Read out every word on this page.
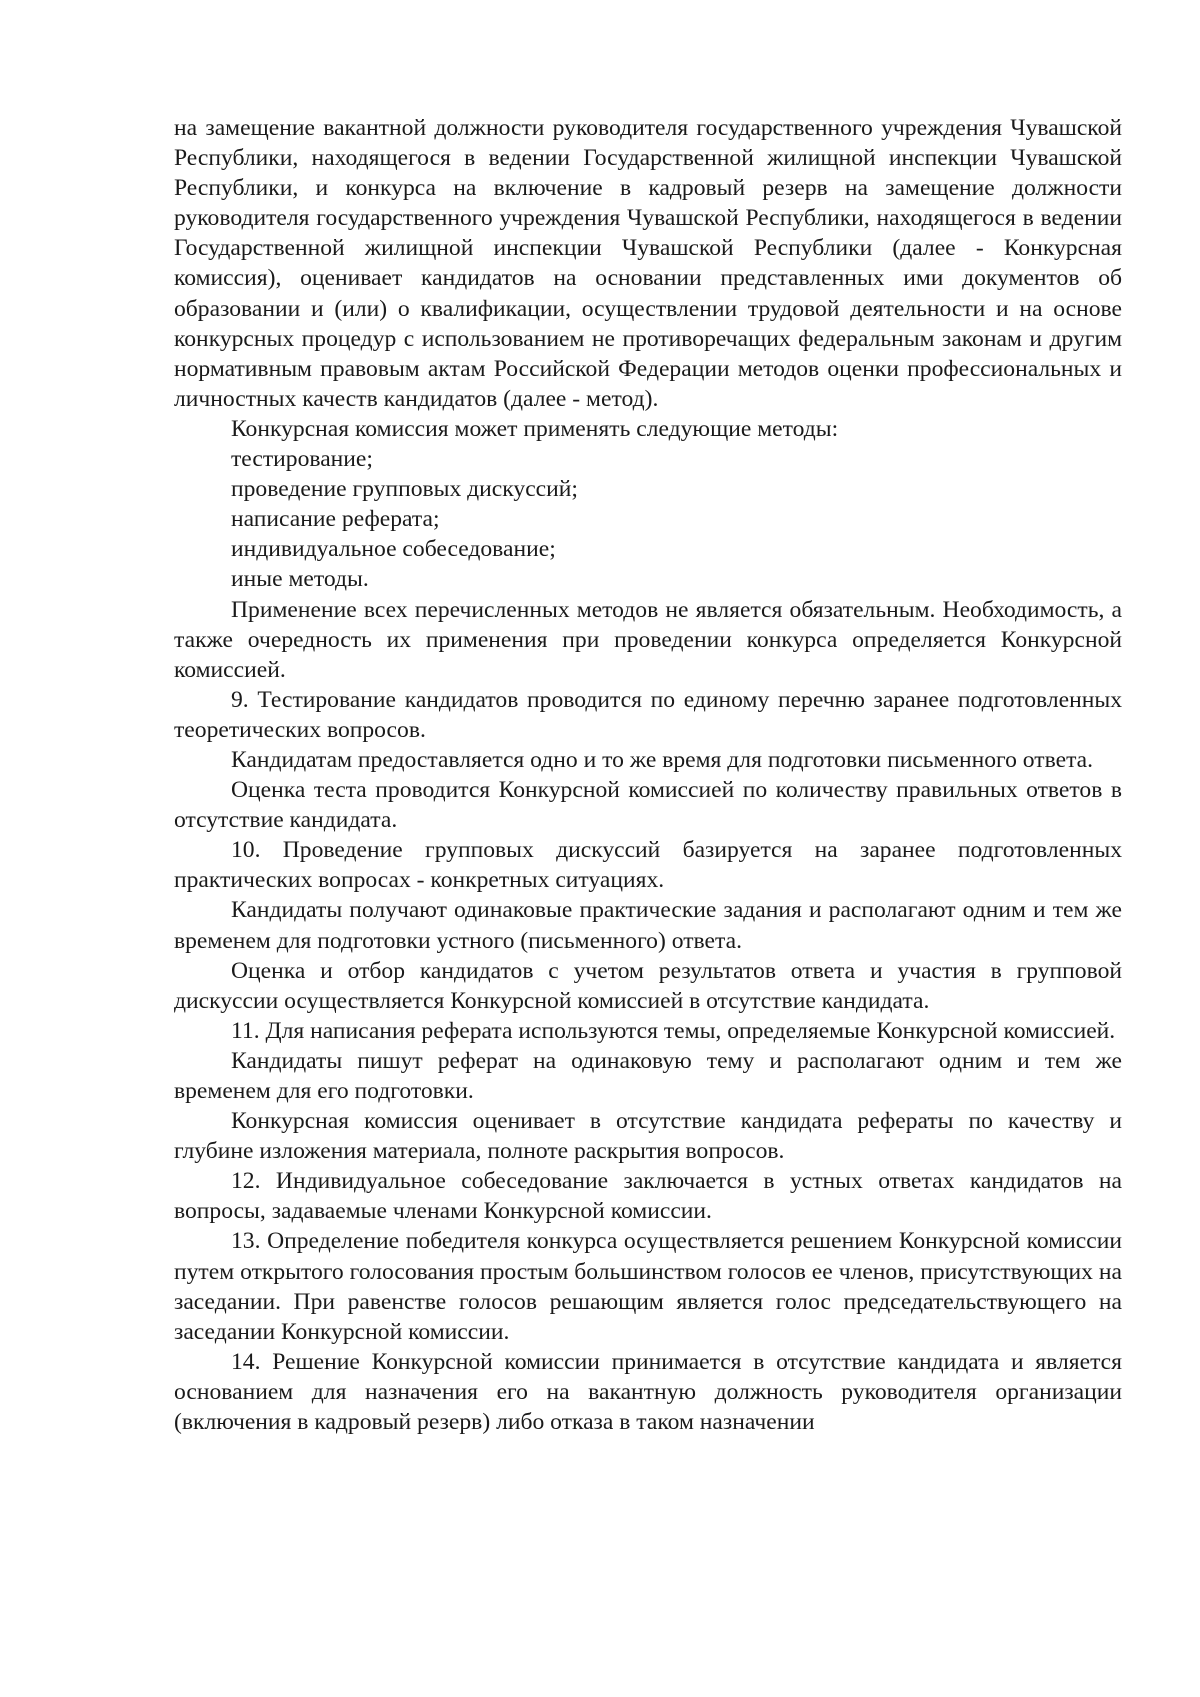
на замещение вакантной должности руководителя государственного учреждения Чувашской Республики, находящегося в ведении Государственной жилищной инспекции Чувашской Республики, и конкурса на включение в кадровый резерв на замещение должности руководителя государственного учреждения Чувашской Республики, находящегося в ведении Государственной жилищной инспекции Чувашской Республики (далее - Конкурсная комиссия), оценивает кандидатов на основании представленных ими документов об образовании и (или) о квалификации, осуществлении трудовой деятельности и на основе конкурсных процедур с использованием не противоречащих федеральным законам и другим нормативным правовым актам Российской Федерации методов оценки профессиональных и личностных качеств кандидатов (далее - метод).

Конкурсная комиссия может применять следующие методы:

тестирование;

проведение групповых дискуссий;

написание реферата;

индивидуальное собеседование;

иные методы.

Применение всех перечисленных методов не является обязательным. Необходимость, а также очередность их применения при проведении конкурса определяется Конкурсной комиссией.

9. Тестирование кандидатов проводится по единому перечню заранее подготовленных теоретических вопросов.

Кандидатам предоставляется одно и то же время для подготовки письменного ответа.

Оценка теста проводится Конкурсной комиссией по количеству правильных ответов в отсутствие кандидата.

10. Проведение групповых дискуссий базируется на заранее подготовленных практических вопросах - конкретных ситуациях.

Кандидаты получают одинаковые практические задания и располагают одним и тем же временем для подготовки устного (письменного) ответа.

Оценка и отбор кандидатов с учетом результатов ответа и участия в групповой дискуссии осуществляется Конкурсной комиссией в отсутствие кандидата.

11. Для написания реферата используются темы, определяемые Конкурсной комиссией.

Кандидаты пишут реферат на одинаковую тему и располагают одним и тем же временем для его подготовки.

Конкурсная комиссия оценивает в отсутствие кандидата рефераты по качеству и глубине изложения материала, полноте раскрытия вопросов.

12. Индивидуальное собеседование заключается в устных ответах кандидатов на вопросы, задаваемые членами Конкурсной комиссии.

13. Определение победителя конкурса осуществляется решением Конкурсной комиссии путем открытого голосования простым большинством голосов ее членов, присутствующих на заседании. При равенстве голосов решающим является голос председательствующего на заседании Конкурсной комиссии.

14. Решение Конкурсной комиссии принимается в отсутствие кандидата и является основанием для назначения его на вакантную должность руководителя организации (включения в кадровый резерв) либо отказа в таком назначении
